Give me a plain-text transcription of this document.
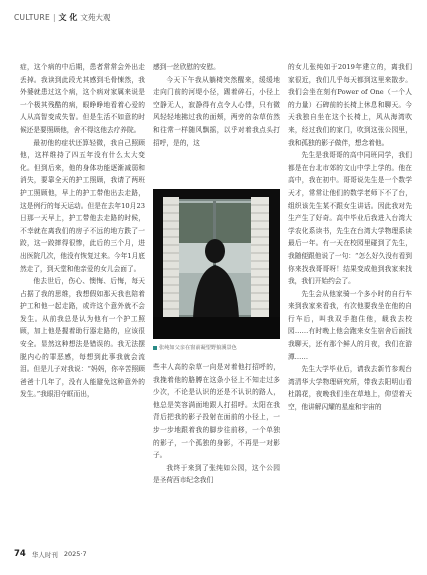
CULTURE | 文 化 文苑大观

症，这个病的中后期，患者常常会外出走丢掉。我读到此段尤其感到毛骨悚然，我外婆就患过这个病，这个病对家属来说是一个极其残酷的病，眼睁睁地看着心爱的人从高智变成失智。但是生活不如意的时候还是要照顾他，舍不得这他去疗养院。

最初他的症状还算轻微，我自己照顾他，这样维持了四五年没有什么太大变化。但到后来，他的身体功能逐渐减弱和消失，要靠全天的护工照顾，我请了两班护工照顾他，早上的护工带他出去走路，这是例行的每天运动。但是在去年10月23日那一天早上，护工带他去走路的时候，不幸就在离我们的房子不远的地方跌了一跤，这一跤摔得很惨，此后的三个月，进出医院几次，他没有恢复过来。今年1月底然走了，到天堂和他亲爱的女儿会面了。

他去世后，伤心、懊悔、后悔，每天占据了我的思维，我想假如那天我也陪着护工和他一起走路，或许这个意外就不会发生。从前我总是认为他有一个护工照顾，加上他是握着助行器走路的，应该很安全。显然这种想法是错误的。我无法摆脱内心的罪恶感，每想到此事我就会流泪。但是儿子对我说：“妈妈，你辛苦照顾爸爸十几年了，没有人能避免这种意外的发生。”我眼泪夺眶而出，

感到一丝欣慰的安慰。

今天下午我从躺椅突然醒来，缓缓地走向门前的河堤小径，踢着碎石，小径上空静无人，寂静得有点令人心悸，只有微风轻轻地拂过我的面颊，两旁的杂草仿然和往常一样随风飘摇，以乎对着我点头打招呼，是的，这

张纯如父亲在窗前凝望野狼溪景色

些丰人高的杂草一向是对着他打招呼的，我挽着他的胳膊在这条小径上不知走过多少次，不论是认识的还是不认识的路人，他总是笑容满面地跟人打招呼。太阳在我背后把我的影子投射在面前的小径上，一步一步地跟着我的脚步往前移，一个单独的影子，一个孤独的身影，不再是一对影子。

我终于来到了张纯如公园，这个公园是圣荷西市纪念我们

的女儿张纯如于2019年建立的，离我们家很近，我们几乎每天都到这里来散步。我们会坐在刻有Power of One（一个人的力量）石碑前的长椅上休息和聊天。今天我独自坐在这个长椅上，风从海湾吹来，经过我们的家门，吹到这张公园里，我和孤独的影子做伴，想念着他。

先生是我哥哥的高中同班同学，我们都是在台北市郊的文山中学上学的。他在高中，我在初中。哥哥说先生是一个数学天才，常常让他们的数学老师下不了台，组织该先生某不跟女生讲话。因此我对先生产生了好奇。高中毕业后我进入台湾大学农化系读书，先生在台湾大学物理系读最后一年。有一天在校园里碰到了先生，我随便跟他说了一句：“怎么好久没有看到你来找我哥哥呀！结果变成他到我家来找我，我们开始约会了。

先生会从他家骑一个多小时的自行车来到我家来看我，有次他要我坐在他的自行车后，叫我双手抱住他，载我去校园……有时晚上他会跑来女生宿舍后面找我聊天，还有那个鲜人的月夜，我们在游潭……

先生大学毕业后，请我去新竹参观台湾清华大学物理研究所，带我去阳明山看杜鹃花，夜晚我们坐在草地上，仰望着天空，他讲解闪耀的星座和宇宙的

74 华人时刊 2025·7
